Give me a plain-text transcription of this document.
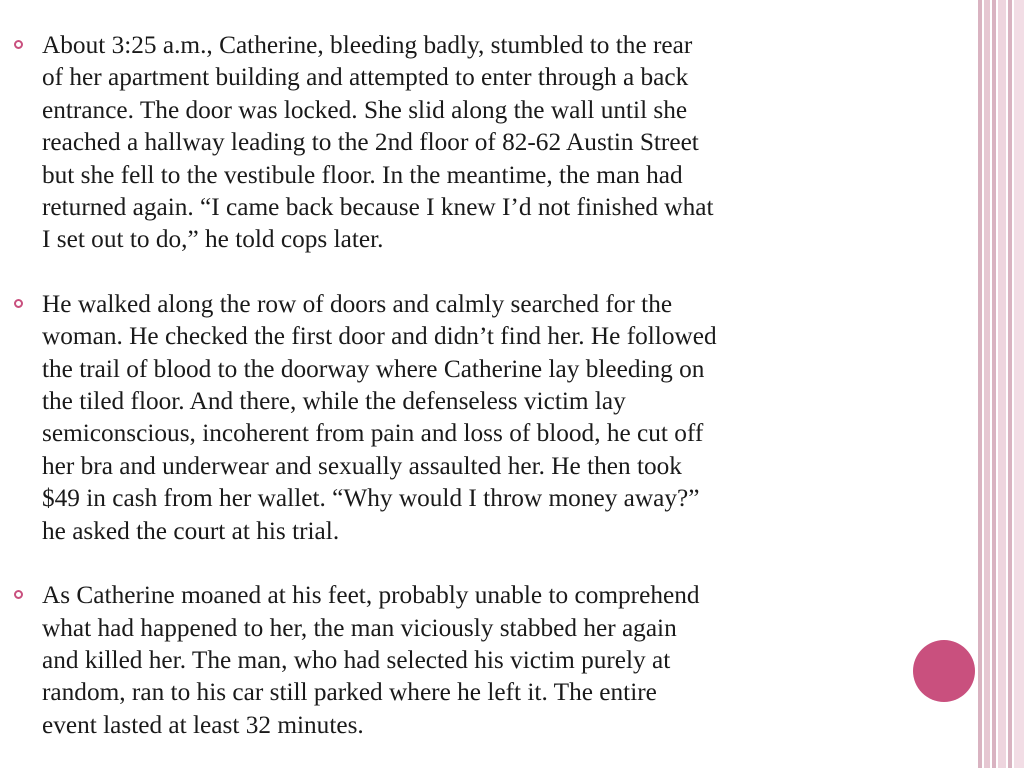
About 3:25 a.m., Catherine, bleeding badly, stumbled to the rear
of her apartment building and attempted to enter through a back
entrance. The door was locked. She slid along the wall until she
reached a hallway leading to the 2nd floor of 82-62 Austin Street
but she fell to the vestibule floor. In the meantime, the man had
returned again. “I came back because I knew I’d not finished what
I set out to do,” he told cops later.
He walked along the row of doors and calmly searched for the
woman. He checked the first door and didn’t find her. He followed
the trail of blood to the doorway where Catherine lay bleeding on
the tiled floor. And there, while the defenseless victim lay
semiconscious, incoherent from pain and loss of blood, he cut off
her bra and underwear and sexually assaulted her. He then took
$49 in cash from her wallet. “Why would I throw money away?”
he asked the court at his trial.
As Catherine moaned at his feet, probably unable to comprehend
what had happened to her, the man viciously stabbed her again
and killed her. The man, who had selected his victim purely at
random, ran to his car still parked where he left it. The entire
event lasted at least 32 minutes.
